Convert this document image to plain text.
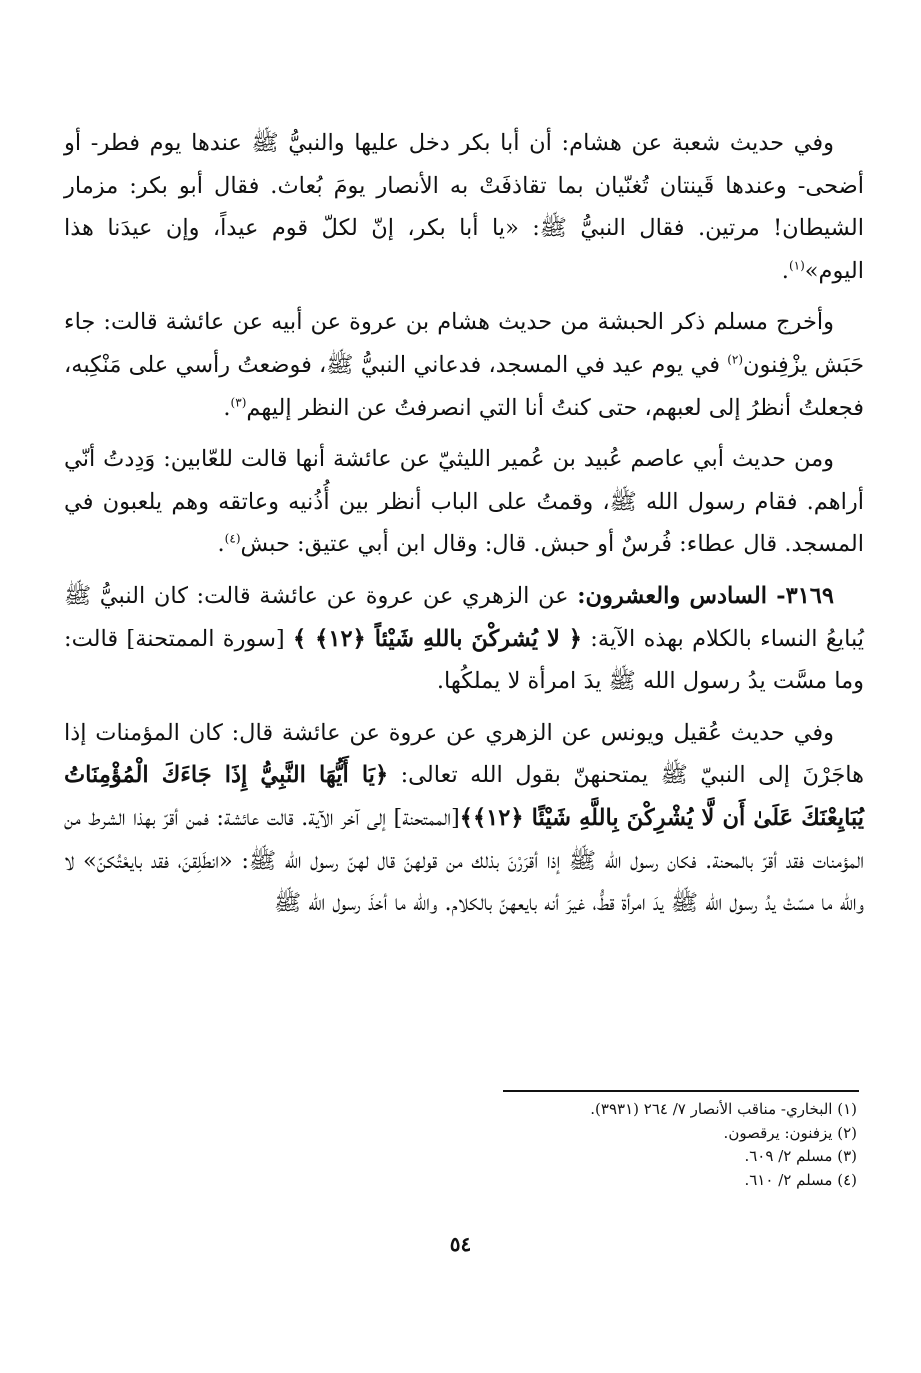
وفي حديث شعبة عن هشام: أن أبا بكر دخل عليها والنبيُّ ﷺ عندها يوم فطر- أو أضحى- وعندها قَينتان تُغنّيان بما تقاذفَتْ به الأنصار يومَ بُعاث. فقال أبو بكر: مزمار الشيطان! مرتين. فقال النبيُّ ﷺ: «يا أبا بكر، إنّ لكلّ قوم عيداً، وإن عيدَنا هذا اليوم»$^{(١)}$.

وأخرج مسلم ذكر الحبشة من حديث هشام بن عروة عن أبيه عن عائشة قالت: جاء حَبَش يزْفِنون$^{(٢)}$ في يوم عيد في المسجد، فدعاني النبيُّ ﷺ، فوضعتُ رأسي على مَنْكِبه، فجعلتُ أنظرُ إلى لعبهم، حتى كنتُ أنا التي انصرفتُ عن النظر إليهم$^{(٣)}$.

ومن حديث أبي عاصم عُبيد بن عُمير الليثيّ عن عائشة أنها قالت للعّابين: وَدِدتُ أنّي أراهم. فقام رسول الله ﷺ، وقمتُ على الباب أنظر بين أُذُنيه وعاتقه وهم يلعبون في المسجد. قال عطاء: فُرسٌ أو حبش. قال: وقال ابن أبي عتيق: حبش$^{(٤)}$.

٣١٦٩- السادس والعشرون: عن الزهري عن عروة عن عائشة قالت: كان النبيُّ ﷺ يُبايعُ النساء بالكلام بهذه الآية: ﴿ لا يُشركْنَ باللهِ شَيْئاً ﴿١٢﴾ ﴾ [سورة الممتحنة] قالت: وما مسَّت يدُ رسول الله ﷺ يدَ امرأة لا يملكُها.

وفي حديث عُقيل ويونس عن الزهري عن عروة عن عائشة قال: كان المؤمنات إذا هاجَرْنَ إلى النبيّ ﷺ يمتحنهنّ بقول الله تعالى: ﴿يَا أَيُّهَا النَّبِيُّ إِذَا جَاءَكَ الْمُؤْمِنَاتُ يُبَايِعْنَكَ عَلَىٰ أَن لَّا يُشْرِكْنَ بِاللَّهِ شَيْئًا ﴿١٢﴾﴾[الممتحنة] إلى آخر الآية. قالت عائشة: فمن أقرّ بهذا الشرط من المؤمنات فقد أقرّ بالمحنة. فكان رسول الله ﷺ إذا أقرَرْنَ بذلك من قولهنّ قال لهنّ رسول الله ﷺ: «انطَلِقنَ، فقد بايعْتُكنّ» لا والله ما مسّتْ يدُ رسول الله ﷺ يدَ امرأة قطُّ، غيرَ أنه بايعهنّ بالكلام. والله ما أخذَ رسول الله ﷺ

(١) البخاري- مناقب الأنصار ٧/ ٢٦٤ (٣٩٣١).

(٢) يزفنون: يرقصون.

(٣) مسلم ٢/ ٦٠٩.

(٤) مسلم ٢/ ٦١٠.

٥٤
